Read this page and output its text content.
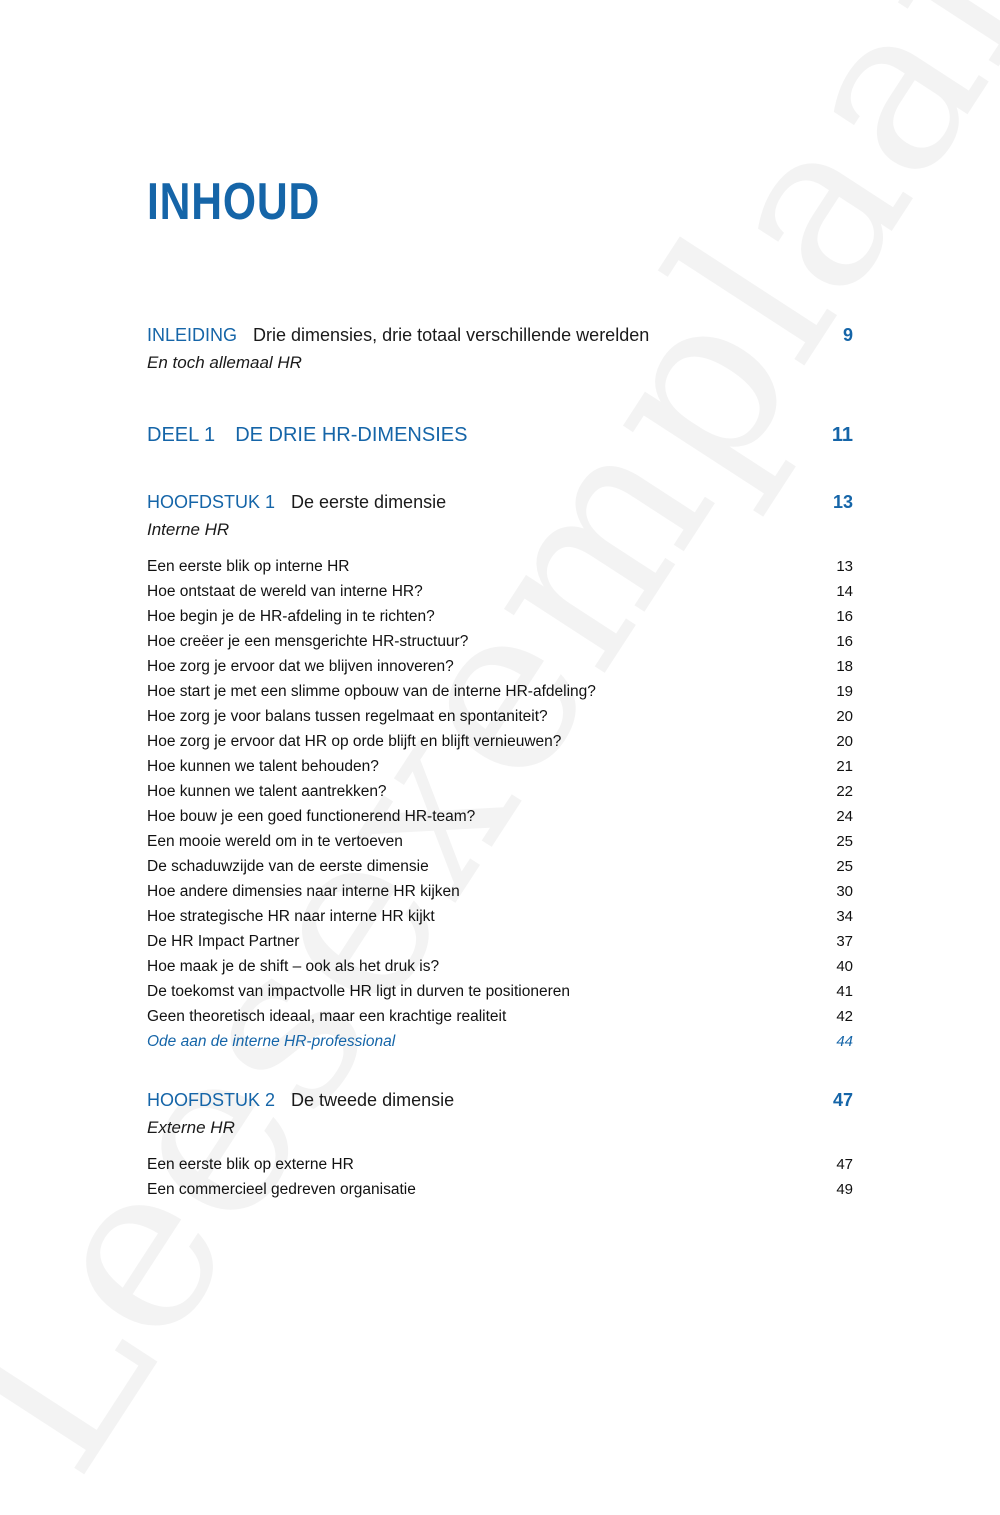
INHOUD
INLEIDING Drie dimensies, drie totaal verschillende werelden	9
En toch allemaal HR
DEEL 1 DE DRIE HR-DIMENSIES	11
HOOFDSTUK 1 De eerste dimensie	13
Interne HR
Een eerste blik op interne HR	13
Hoe ontstaat de wereld van interne HR?	14
Hoe begin je de HR-afdeling in te richten?	16
Hoe creëer je een mensgerichte HR-structuur?	16
Hoe zorg je ervoor dat we blijven innoveren?	18
Hoe start je met een slimme opbouw van de interne HR-afdeling?	19
Hoe zorg je voor balans tussen regelmaat en spontaniteit?	20
Hoe zorg je ervoor dat HR op orde blijft en blijft vernieuwen?	20
Hoe kunnen we talent behouden?	21
Hoe kunnen we talent aantrekken?	22
Hoe bouw je een goed functionerend HR-team?	24
Een mooie wereld om in te vertoeven	25
De schaduwzijde van de eerste dimensie	25
Hoe andere dimensies naar interne HR kijken	30
Hoe strategische HR naar interne HR kijkt	34
De HR Impact Partner	37
Hoe maak je de shift – ook als het druk is?	40
De toekomst van impactvolle HR ligt in durven te positioneren	41
Geen theoretisch ideaal, maar een krachtige realiteit	42
Ode aan de interne HR-professional	44
HOOFDSTUK 2 De tweede dimensie	47
Externe HR
Een eerste blik op externe HR	47
Een commercieel gedreven organisatie	49
